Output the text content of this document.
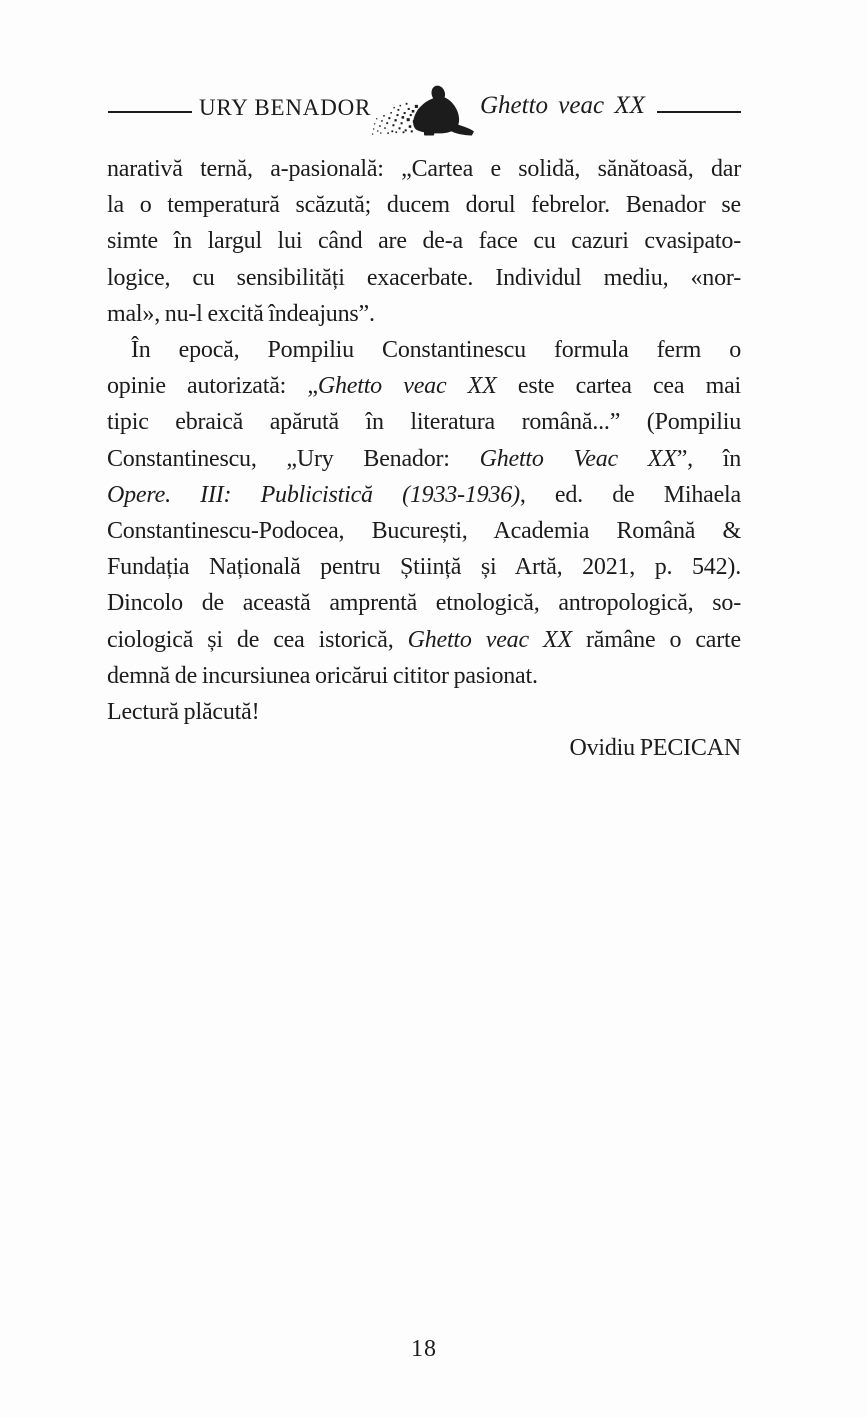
URY BENADOR	Ghetto veac XX
narativă ternă, a-pasională: „Cartea e solidă, sănătoasă, dar
la o temperatură scăzută; ducem dorul febrelor. Benador se
simte în largul lui când are de-a face cu cazuri cvasipato-
logice, cu sensibilități exacerbate. Individul mediu, «nor-
mal», nu-l excită îndeajuns”.
În epocă, Pompiliu Constantinescu formula ferm o
opinie autorizată: „Ghetto veac XX este cartea cea mai
tipic ebraică apărută în literatura română...” (Pompiliu
Constantinescu, „Ury Benador: Ghetto Veac XX”, în
Opere. III: Publicistică (1933-1936), ed. de Mihaela
Constantinescu-Podocea, București, Academia Română &
Fundația Națională pentru Știință și Artă, 2021, p. 542).
Dincolo de această amprentă etnologică, antropologică, so-
ciologică și de cea istorică, Ghetto veac XX rămâne o carte
demnă de incursiunea oricărui cititor pasionat.
Lectură plăcută!
Ovidiu PECICAN
18
